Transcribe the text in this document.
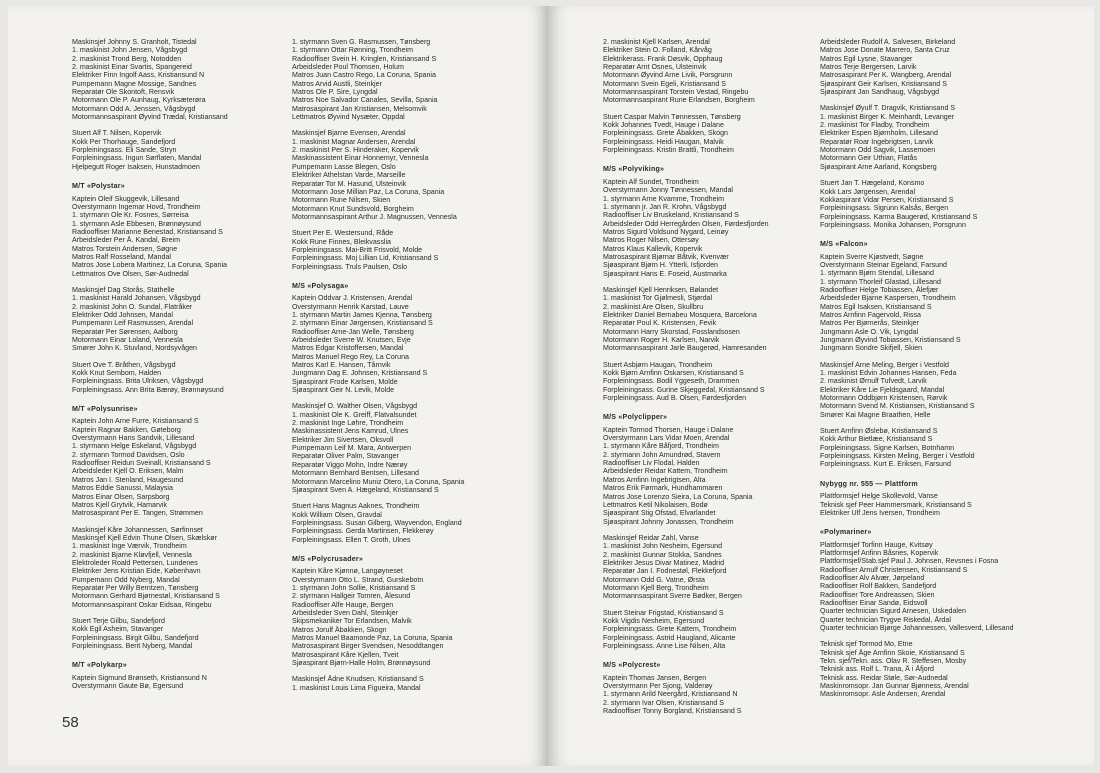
Maskinsjef Johnny S. Granholt, Tistedal
1. maskinist John Jensen, Vågsbygd
2. maskinist Trond Berg, Notodden
2. maskinist Einar Svartis, Spangereid
Elektriker Finn Ingolf Aass, Kristiansund N
Pumpemann Magne Mossige, Sandnes
Reparatør Ole Skontoft, Rensvik
Motormann Ole P. Aunhaug, Kyrksæterøra
Motormann Odd A. Jenssen, Vågsbygd
Motormannsaspirant Øyvind Trædal, Kristiansand
Stuert Alf T. Nilsen, Kopervik
Kokk Per Thorhauge, Sandefjord
Forpleiningsass. Eli Sande, Stryn
Forpleiningsass. Ingun Sørflaten, Mandal
Hjelpegutt Roger Isaksen, Hunstadmoen
M/T «Polystar»
Kaptein Oleif Skuggevik, Lillesand
Overstyrmann Ingemar Hovd, Trondheim
1. styrmann Ole Kr. Fosnes, Sørreisa
1. styrmann Asle Ebbesen, Brønnøysund
Radiooffiser Marianne Benestad, Kristiansand S
Arbeidsleder Per Å. Kandal, Breim
Matros Torstein Andersen, Søgne
Matros Ralf Rosseland, Mandal
Matros Jose Lobera Martinez, La Coruna, Spania
Lettmatros Ove Olsen, Sør-Audnedal
Maskinsjef Dag Storås, Stathelle
1. maskinist Harald Johansen, Vågsbygd
2. maskinist John O. Sundal, Flatråker
Elektriker Odd Johnsen, Mandal
Pumpemann Leif Rasmussen, Arendal
Reparatør Per Sørensen, Aalborg
Motormann Einar Loland, Vennesla
Smører John K. Stuvland, Nordsyvågen
Stuert Ove T. Bråthen, Vågsbygd
Kokk Knut Sembom, Halden
Forpleiningsass. Brita Ulriksen, Vågsbygd
Forpleiningsass. Ann Brita Bærøy, Brønnøysund
M/T «Polysunrise»
Kaptein John Arne Furre, Kristiansand S
Kaptein Ragnar Bakken, Gøteborg
Overstyrmann Hans Sandvik, Lillesand
1. styrmann Helge Eskeland, Vågsbygd
2. styrmann Tormod Davidsen, Oslo
Radiooffiser Reidun Sveinall, Kristiansand S
Arbeidsleder Kjell O. Eriksen, Malm
Matros Jan I. Stenland, Haugesund
Matros Eddie Sanussi, Malaysia
Matros Einar Olsen, Sarpsborg
Matros Kjell Grytvik, Hamarvik
Matrosaspirant Per E. Tangen, Strømmen
Maskinsjef Kåre Johannessen, Sørfinnset
Maskinsjef Kjell Edvin Thune Olsen, Skælskør
1. maskinist Inge Værvik, Trondheim
2. maskinist Bjarne Kløvfjell, Vennesla
Elektroleder Roald Pettersen, Lundenes
Elektriker Jens Kristian Eide, København
Pumpemann Odd Nyberg, Mandal
Reparatør Per Willy Berntzen, Tønsberg
Motormann Gerhard Bjørnestøl, Kristiansand S
Motormannsaspirant Oskar Eidsaa, Ringebu
Stuert Terje Gilbu, Sandefjord
Kokk Egil Asheim, Stavanger
Forpleiningsass. Birgit Gilbu, Sandefjord
Forpleiningsass. Berit Nyberg, Mandal
M/T «Polykarp»
Kaptein Sigmund Brønseth, Kristiansund N
Overstyrmann Gaute Bø, Egersund
1. styrmann Sven G. Rasmussen, Tønsberg
1. styrmann Ottar Rønning, Trondheim
Radiooffiser Svein H. Kringlen, Kristiansand S
Arbeidsleder Poul Thomsen, Holum
Matros Juan Castro Rego, La Coruna, Spania
Matros Arvid Austli, Steinkjer
Matros Ole P. Sire, Lyngdal
Matros Noe Salvador Canales, Sevilla, Spania
Matrosaspirant Jan Kristiansen, Melsomvik
Lettmatros Øyvind Nysæter, Oppdal
Maskinsjef Bjarne Evensen, Arendal
1. maskinist Magnar Andersen, Arendal
2. maskinist Per S. Hinderaker, Kopervik
Maskinassistent Einar Honnemyr, Vennesla
Pumpemann Lasse Blegen, Oslo
Elektriker Athelstan Varde, Marseille
Reparatør Tor M. Hasund, Ulsteinvik
Motormann Jose Millian Paz, La Coruna, Spania
Motormann Rune Nilsen, Skien
Motormann Knut Sundsvold, Borgheim
Motormannsaspirant Arthur J. Magnussen, Vennesla
Stuert Per E. Westersund, Råde
Kokk Rune Finnes, Bleikvasslia
Forpleiningsass. Mai-Britt Frisvold, Molde
Forpleiningsass. Moj Lillian Lid, Kristiansand S
Forpleiningsass. Truls Paulsen, Oslo
M/S «Polysaga»
Kaptein Oddvar J. Kristensen, Arendal
Overstyrmann Henrik Karstad, Lauve
1. styrmann Martin James Kjenna, Tønsberg
2. styrmann Einar Jørgensen, Kristiansand S
Radiooffiser Arne-Jan Welle, Tønsberg
Arbeidsleder Sverre W. Knutsen, Evje
Matros Edgar Kristoffersen, Mandal
Matros Manuel Rego Rey, La Coruna
Matros Karl E. Hansen, Tårnvik
Jungmann Dag E. Johnsen, Kristiansand S
Sjøaspirant Frode Karlsen, Molde
Sjøaspirant Geir N. Levik, Molde
Maskinsjef O. Walther Olsen, Vågsbygd
1. maskinist Ole K. Greiff, Flatvalsundet
2. maskinist Inge Løhre, Trondheim
Maskinassistent Jens Kamrud, Ulnes
Elektriker Jim Sivertsen, Oksvoll
Pumpemann Leif M. Mara, Antwerpen
Reparatør Oliver Palm, Stavanger
Reparatør Viggo Mohn, Indre Nærøy
Motormann Bernhard Bentsen, Lillesand
Motormann Marcelino Muniz Otero, La Coruna, Spania
Sjøaspirant Sven A. Hægeland, Kristiansand S
Stuert Hans Magnus Aaknes, Trondheim
Kokk William Olsen, Gravdal
Forpleiningsass. Susan Gilberg, Wayvendon, England
Forpleiningsass. Gerda Martinsen, Flekkerøy
Forpleiningsass. Ellen T. Groth, Ulnes
M/S «Polycrusader»
Kaptein Kåre Kjønnø, Langøyneset
Overstyrmann Otto L. Strand, Gurskebotn
1. styrmann John Sollie, Kristiansand S
2. styrmann Hallgeir Tomren, Ålesund
Radiooffiser Alfe Hauge, Bergen
Arbeidsleder Sven Dahl, Steinkjer
Skipsmekaniker Tor Erlandsen, Malvik
Matros Jorulf Åbakken, Skogn
Matros Manuel Baamonde Paz, La Coruna, Spania
Matrosaspirant Birger Svendsen, Nesoddtangen
Matrosaspirant Kåre Kjellen, Tveit
Sjøaspirant Bjørn-Halle Holm, Brønnøysund
Maskinsjef Ådne Knudsen, Kristiansand S
1. maskinist Louis Lima Figueira, Mandal
2. maskinist Kjell Karlsen, Arendal
Elektriker Stein O. Folland, Kårvåg
Elektrikerass. Frank Døsvik, Opphaug
Reparatør Arnt Osnes, Ulsteinvik
Motormann Øyvind Arne Livik, Porsgrunn
Motormann Svein Egeli, Kristiansand S
Motormannsaspirant Torstein Vestad, Ringebu
Motormannsaspirant Rune Erlandsen, Borgheim
Stuert Caspar Malvin Tønnessen, Tønsberg
Kokk Johannes Tvedt, Hauge i Dalane
Forpleiningsass. Grete Åbakken, Skogn
Forpleiningsass. Heidi Haugan, Malvik
Forpleiningsass. Kristin Brattli, Trondheim
M/S «Polyviking»
Kaptein Alf Sundet, Trondheim
Overstyrmann Jonny Tønnessen, Mandal
1. styrmann Arne Kvamme, Trondheim
1. styrmann jr. Jan R. Krohn, Vågsbygd
Radiooffiser Liv Bruskeland, Kristiansand S
Arbeidsleder Odd Herregården Olsen, Førdesfjorden
Matros Sigurd Voldsund Nygard, Leinøy
Matros Roger Nilsen, Ottersøy
Matros Klaus Kallevik, Kopervik
Matrosaspirant Bjørnar Båtvik, Kvenvær
Sjøaspirant Bjørn H. Ytterli, Isfjorden
Sjøaspirant Hans E. Foseid, Austmarka
Maskinsjef Kjell Henriksen, Bølandet
1. maskinist Tor Gjølmesli, Stjørdal
2. maskinist Are Olsen, Skullbru
Elektriker Daniel Bernabeu Mosquera, Barcelona
Reparatør Poul K. Kristensen, Fevik
Motormann Harry Skorstad, Fosslandsosen
Motormann Roger H. Karlsen, Narvik
Motormannsaspirant Jarle Baugerød, Hamresanden
Stuert Asbjørn Haugan, Trondheim
Kokk Bjørn Arnfinn Oskarsen, Kristiansand S
Forpleiningsass. Bodil Yggeseth, Drammen
Forpleiningsass. Gurine Skjeggedal, Kristiansand S
Forpleiningsass. Aud B. Olsen, Førdesfjorden
M/S «Polyclipper»
Kaptein Tormod Thorsen, Hauge i Dalane
Overstyrmann Lars Vidar Moen, Arendal
1. styrmann Kåre Båfjord, Trondheim
2. styrmann John Amundrød, Stavern
Radiooffiser Liv Flodal, Halden
Arbeidsleder Reidar Kattem, Trondheim
Matros Arnfinn Ingebrigtsen, Alta
Matros Erik Førmark, Hundhammaren
Matros Jose Lorenzo Sieira, La Coruna, Spania
Lettmatros Ketil Nikolaisen, Bodø
Sjøaspirant Stig Ofstad, Elvarlandet
Sjøaspirant Johnny Jonassen, Trondheim
Maskinsjef Reidar Zahl, Vanse
1. maskinist John Nesheim, Egersund
2. maskinist Gunnar Stokka, Sandnes
Elektriker Jesus Divar Matinez, Madrid
Reparatør Jan I. Fodnestøl, Flekkefjord
Motormann Odd G. Vatne, Ørsta
Motormann Kjell Berg, Trondheim
Motormannsaspirant Sverre Bødker, Bergen
Stuert Steinar Frigstad, Kristiansand S
Kokk Vigdis Nesheim, Egersund
Forpleiningsass. Grete Kattem, Trondheim
Forpleiningsass. Astrid Haugland, Alicante
Forpleiningsass. Anne Lise Nilsen, Alta
M/S «Polycrest»
Kaptein Thomas Jansen, Bergen
Overstyrmann Per Sjong, Valderøy
1. styrmann Arild Neergård, Kristiansand N
2. styrmann Ivar Olsen, Kristiansand S
Radiooffiser Tonny Borgland, Kristiansand S
Arbeidsleder Rudolf A. Salvesen, Birkeland
Matros Jose Donate Marrero, Santa Cruz
Matros Egil Lysne, Stavanger
Matros Terje Bergersen, Larvik
Matrosaspirant Per K. Wangberg, Arendal
Sjøaspirant Geir Karlsen, Kristiansand S
Sjøaspirant Jan Sandhaug, Vågsbygd
Maskinsjef Øyulf T. Dragvik, Kristiansand S
1. maskinist Birger K. Meinhardt, Levanger
2. maskinist Tor Fladby, Trondheim
Elektriker Espen Bjørnholm, Lillesand
Reparatør Roar Ingebrigtsen, Larvik
Motormann Odd Sagvik, Lassemoen
Motormann Geir Uthian, Flatås
Sjøaspirant Arne Aarland, Kongsberg
Stuert Jan T. Hægeland, Konsmo
Kokk Lars Jørgensen, Arendal
Kokkaspirant Vidar Persen, Kristiansand S
Forpleiningsass. Sigrunn Kalsås, Bergen
Forpleiningsass. Karma Baugerød, Kristiansand S
Forpleiningsass. Monika Johansen, Porsgrunn
M/S «Falcon»
Kaptein Sverre Kjøstvedt, Søgne
Overstyrmann Steinar Egeland, Farsund
1. styrmann Bjørn Stendal, Lillesand
1. styrmann Thorleif Glastad, Lillesand
Radiooffiser Helge Tobiassen, Ålefjær
Arbeidsleder Bjarne Kaspersen, Trondheim
Matros Egil Isaksen, Kristiansand S
Matros Arnfinn Fagervold, Rissa
Matros Per Bjørnerås, Steinkjer
Jungmann Asle O. Vik, Lyngdal
Jungmann Øyvind Tobiassen, Kristiansand S
Jungmann Sondre Skifjell, Skien
Maskinsjef Arne Meling, Berger i Vestfold
1. maskinist Edvin Johannes Hansen, Feda
2. maskinist Ørnulf Tufvedt, Larvik
Elektriker Kåre Lie Fjeldsgaard, Mandal
Motormann Oddbjørn Kristensen, Rørvik
Motormann Svend M. Kristiansen, Kristiansand S
Smører Kai Magne Braathen, Helle
Stuert Arnfinn Øslebø, Kristiansand S
Kokk Arthur Bietlæe, Kristiansand S
Forpleiningsass. Signe Karlsen, Botnhamn
Forpleiningsass. Kirsten Meling, Berger i Vestfold
Forpleiningsass. Kurt E. Eriksen, Farsund
Nybygg nr. 555 — Plattform
Plattformsjef Helge Skollevold, Vanse
Teknisk sjef Peer Hammersmark, Kristiansand S
Elektriker Ulf Jens Iversen, Trondheim
«Polymariner»
Plattformsjef Torfinn Hauge, Kvitsøy
Plattformsjef Anfinn Båsnes, Kopervik
Plattformsjef/Stab.sjef Paul J. Johnsen, Revsnes i Fosna
Radiooffiser Arnulf Christensen, Kristiansand S
Radiooffiser Alv Alvær, Jørpeland
Radiooffiser Rolf Bakken, Sandefjord
Radiooffiser Tore Andreassen, Skien
Radiooffiser Einar Sandø, Eidsvoll
Quarter technician Sigurd Arnesen, Uskedalen
Quarter technician Trygve Riskedal, Årdal
Quarter technician Bjørge Johannessen, Vallesverd, Lillesand
Teknisk sjef Tormod Mo, Etne
Teknisk sjef Åge Arnfinn Skoie, Kristiansand S
Tekn. sjef/Tekn. ass. Olav R. Steffesen, Mosby
Teknisk ass. Rolf L. Trana, Å i Åfjord
Teknisk ass. Reidar Støle, Sør-Audnedal
Maskinromsopr. Jan Gunnar Bjønness, Arendal
Maskinromsopr. Asle Andersen, Arendal
58
